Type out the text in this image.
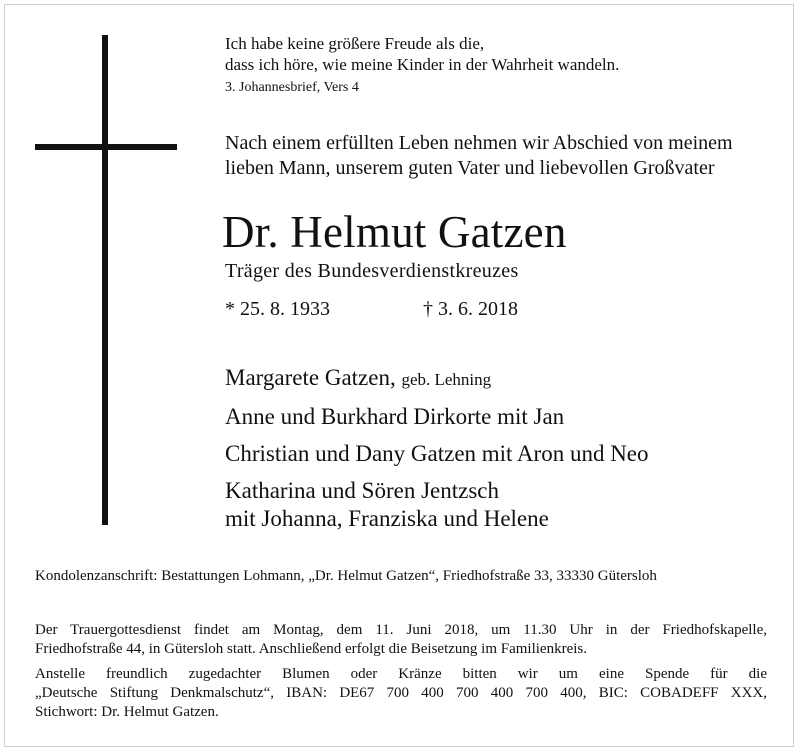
Ich habe keine größere Freude als die,
dass ich höre, wie meine Kinder in der Wahrheit wandeln.
3. Johannesbrief, Vers 4
Nach einem erfüllten Leben nehmen wir Abschied von meinem
lieben Mann, unserem guten Vater und liebevollen Großvater
Dr. Helmut Gatzen
Träger des Bundesverdienstkreuzes
* 25. 8. 1933	† 3. 6. 2018
Margarete Gatzen, geb. Lehning
Anne und Burkhard Dirkorte mit Jan
Christian und Dany Gatzen mit Aron und Neo
Katharina und Sören Jentzsch
mit Johanna, Franziska und Helene
Kondolenzanschrift: Bestattungen Lohmann, „Dr. Helmut Gatzen“, Friedhofstraße 33, 33330 Gütersloh
Der Trauergottesdienst findet am Montag, dem 11. Juni 2018, um 11.30 Uhr in der Friedhofskapelle,
Friedhofstraße 44, in Gütersloh statt. Anschließend erfolgt die Beisetzung im Familienkreis.
Anstelle freundlich zugedachter Blumen oder Kränze bitten wir um eine Spende für die
„Deutsche Stiftung Denkmalschutz“, IBAN: DE67 700 400 700 400 700 400, BIC: COBADEFF XXX,
Stichwort: Dr. Helmut Gatzen.
